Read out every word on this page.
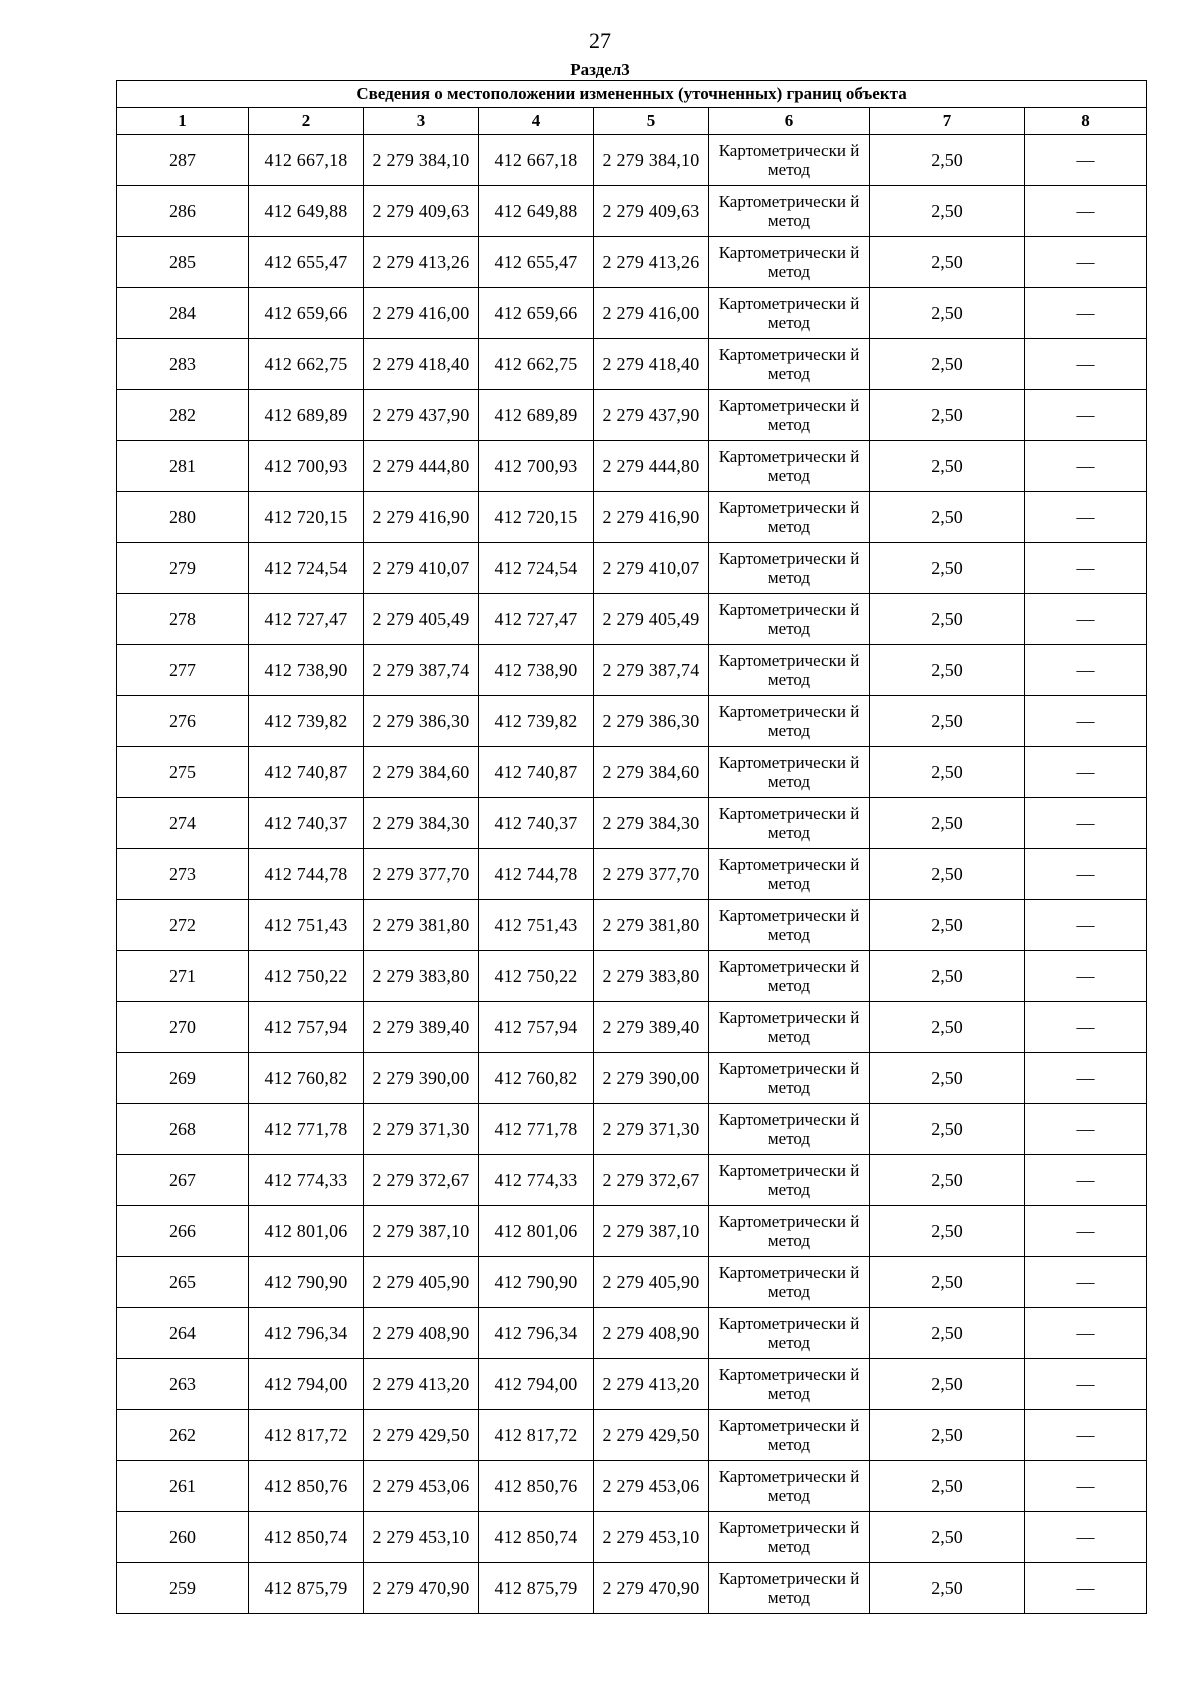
27
Раздел3
Сведения о местоположении измененных (уточненных) границ объекта							
1	2	3	4	5	6	7	8
287	412 667,18	2 279 384,10	412 667,18	2 279 384,10	Картометрически й метод	2,50	—
286	412 649,88	2 279 409,63	412 649,88	2 279 409,63	Картометрически й метод	2,50	—
285	412 655,47	2 279 413,26	412 655,47	2 279 413,26	Картометрически й метод	2,50	—
284	412 659,66	2 279 416,00	412 659,66	2 279 416,00	Картометрически й метод	2,50	—
283	412 662,75	2 279 418,40	412 662,75	2 279 418,40	Картометрически й метод	2,50	—
282	412 689,89	2 279 437,90	412 689,89	2 279 437,90	Картометрически й метод	2,50	—
281	412 700,93	2 279 444,80	412 700,93	2 279 444,80	Картометрически й метод	2,50	—
280	412 720,15	2 279 416,90	412 720,15	2 279 416,90	Картометрически й метод	2,50	—
279	412 724,54	2 279 410,07	412 724,54	2 279 410,07	Картометрически й метод	2,50	—
278	412 727,47	2 279 405,49	412 727,47	2 279 405,49	Картометрически й метод	2,50	—
277	412 738,90	2 279 387,74	412 738,90	2 279 387,74	Картометрически й метод	2,50	—
276	412 739,82	2 279 386,30	412 739,82	2 279 386,30	Картометрически й метод	2,50	—
275	412 740,87	2 279 384,60	412 740,87	2 279 384,60	Картометрически й метод	2,50	—
274	412 740,37	2 279 384,30	412 740,37	2 279 384,30	Картометрически й метод	2,50	—
273	412 744,78	2 279 377,70	412 744,78	2 279 377,70	Картометрически й метод	2,50	—
272	412 751,43	2 279 381,80	412 751,43	2 279 381,80	Картометрически й метод	2,50	—
271	412 750,22	2 279 383,80	412 750,22	2 279 383,80	Картометрически й метод	2,50	—
270	412 757,94	2 279 389,40	412 757,94	2 279 389,40	Картометрически й метод	2,50	—
269	412 760,82	2 279 390,00	412 760,82	2 279 390,00	Картометрически й метод	2,50	—
268	412 771,78	2 279 371,30	412 771,78	2 279 371,30	Картометрически й метод	2,50	—
267	412 774,33	2 279 372,67	412 774,33	2 279 372,67	Картометрически й метод	2,50	—
266	412 801,06	2 279 387,10	412 801,06	2 279 387,10	Картометрически й метод	2,50	—
265	412 790,90	2 279 405,90	412 790,90	2 279 405,90	Картометрически й метод	2,50	—
264	412 796,34	2 279 408,90	412 796,34	2 279 408,90	Картометрически й метод	2,50	—
263	412 794,00	2 279 413,20	412 794,00	2 279 413,20	Картометрически й метод	2,50	—
262	412 817,72	2 279 429,50	412 817,72	2 279 429,50	Картометрически й метод	2,50	—
261	412 850,76	2 279 453,06	412 850,76	2 279 453,06	Картометрически й метод	2,50	—
260	412 850,74	2 279 453,10	412 850,74	2 279 453,10	Картометрически й метод	2,50	—
259	412 875,79	2 279 470,90	412 875,79	2 279 470,90	Картометрически й метод	2,50	—
